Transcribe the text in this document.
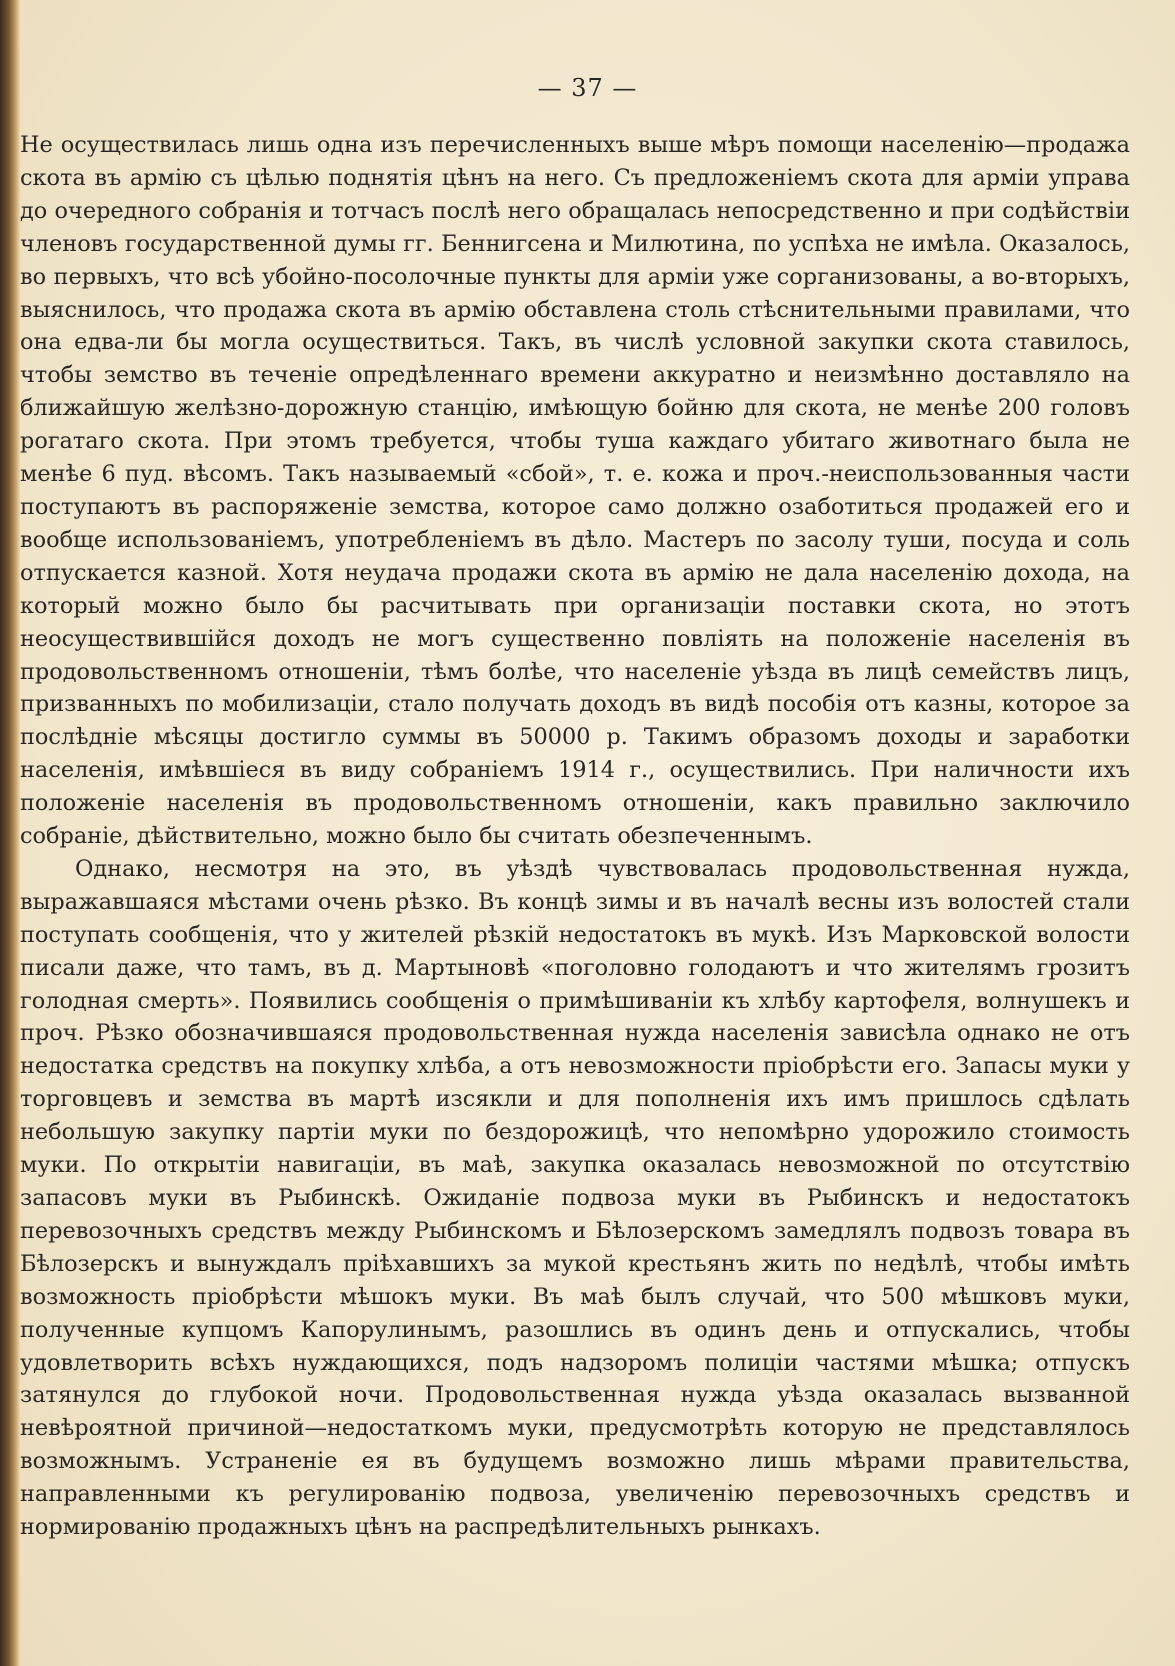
— 37 —

Не осуществилась лишь одна изъ перечисленныхъ выше мѣръ помощи населенію—продажа скота въ армію съ цѣлью поднятія цѣнъ на него. Съ предложеніемъ скота для арміи управа до очередного собранія и тотчасъ послѣ него обращалась непосредственно и при содѣйствіи членовъ государственной думы гг. Беннигсена и Милютина, по успѣха не имѣла. Оказалось, во первыхъ, что всѣ убойно-посолочные пункты для арміи уже сорганизованы, а во-вторыхъ, выяснилось, что продажа скота въ армію обставлена столь стѣснительными правилами, что она едва-ли бы могла осуществиться. Такъ, въ числѣ условной закупки скота ставилось, чтобы земство въ теченіе опредѣленнаго времени аккуратно и неизмѣнно доставляло на ближайшую желѣзно-дорожную станцію, имѣющую бойню для скота, не менѣе 200 головъ рогатаго скота. При этомъ требуется, чтобы туша каждаго убитаго животнаго была не менѣе 6 пуд. вѣсомъ. Такъ называемый «сбой», т. е. кожа и проч.-неиспользованныя части поступаютъ въ распоряженіе земства, которое само должно озаботиться продажей его и вообще использованіемъ, употребленіемъ въ дѣло. Мастеръ по засолу туши, посуда и соль отпускается казной. Хотя неудача продажи скота въ армію не дала населенію дохода, на который можно было бы расчитывать при организаціи поставки скота, но этотъ неосуществившійся доходъ не могъ существенно повліять на положеніе населенія въ продовольственномъ отношеніи, тѣмъ болѣе, что населеніе уѣзда въ лицѣ семействъ лицъ, призванныхъ по мобилизаціи, стало получать доходъ въ видѣ пособія отъ казны, которое за послѣдніе мѣсяцы достигло суммы въ 50000 р. Такимъ образомъ доходы и заработки населенія, имѣвшіеся въ виду собраніемъ 1914 г., осуществились. При наличности ихъ положеніе населенія въ продовольственномъ отношеніи, какъ правильно заключило собраніе, дѣйствительно, можно было бы считать обезпеченнымъ.

Однако, несмотря на это, въ уѣздѣ чувствовалась продовольственная нужда, выражавшаяся мѣстами очень рѣзко. Въ концѣ зимы и въ началѣ весны изъ волостей стали поступать сообщенія, что у жителей рѣзкій недостатокъ въ мукѣ. Изъ Марковской волости писали даже, что тамъ, въ д. Мартыновѣ «поголовно голодаютъ и что жителямъ грозитъ голодная смерть». Появились сообщенія о примѣшиваніи къ хлѣбу картофеля, волнушекъ и проч. Рѣзко обозначившаяся продовольственная нужда населенія зависѣла однако не отъ недостатка средствъ на покупку хлѣба, а отъ невозможности пріобрѣсти его. Запасы муки у торговцевъ и земства въ мартѣ изсякли и для пополненія ихъ имъ пришлось сдѣлать небольшую закупку партіи муки по бездорожицѣ, что непомѣрно удорожило стоимость муки. По открытіи навигаціи, въ маѣ, закупка оказалась невозможной по отсутствію запасовъ муки въ Рыбинскѣ. Ожиданіе подвоза муки въ Рыбинскъ и недостатокъ перевозочныхъ средствъ между Рыбинскомъ и Бѣлозерскомъ замедлялъ подвозъ товара въ Бѣлозерскъ и вынуждалъ пріѣхавшихъ за мукой крестьянъ жить по недѣлѣ, чтобы имѣть возможность пріобрѣсти мѣшокъ муки. Въ маѣ былъ случай, что 500 мѣшковъ муки, полученные купцомъ Капорулинымъ, разошлись въ одинъ день и отпускались, чтобы удовлетворить всѣхъ нуждающихся, подъ надзоромъ полиціи частями мѣшка; отпускъ затянулся до глубокой ночи. Продовольственная нужда уѣзда оказалась вызванной невѣроятной причиной—недостаткомъ муки, предусмотрѣть которую не представлялось возможнымъ. Устраненіе ея въ будущемъ возможно лишь мѣрами правительства, направленными къ регулированію подвоза, увеличенію перевозочныхъ средствъ и нормированію продажныхъ цѣнъ на распредѣлительныхъ рынкахъ.
